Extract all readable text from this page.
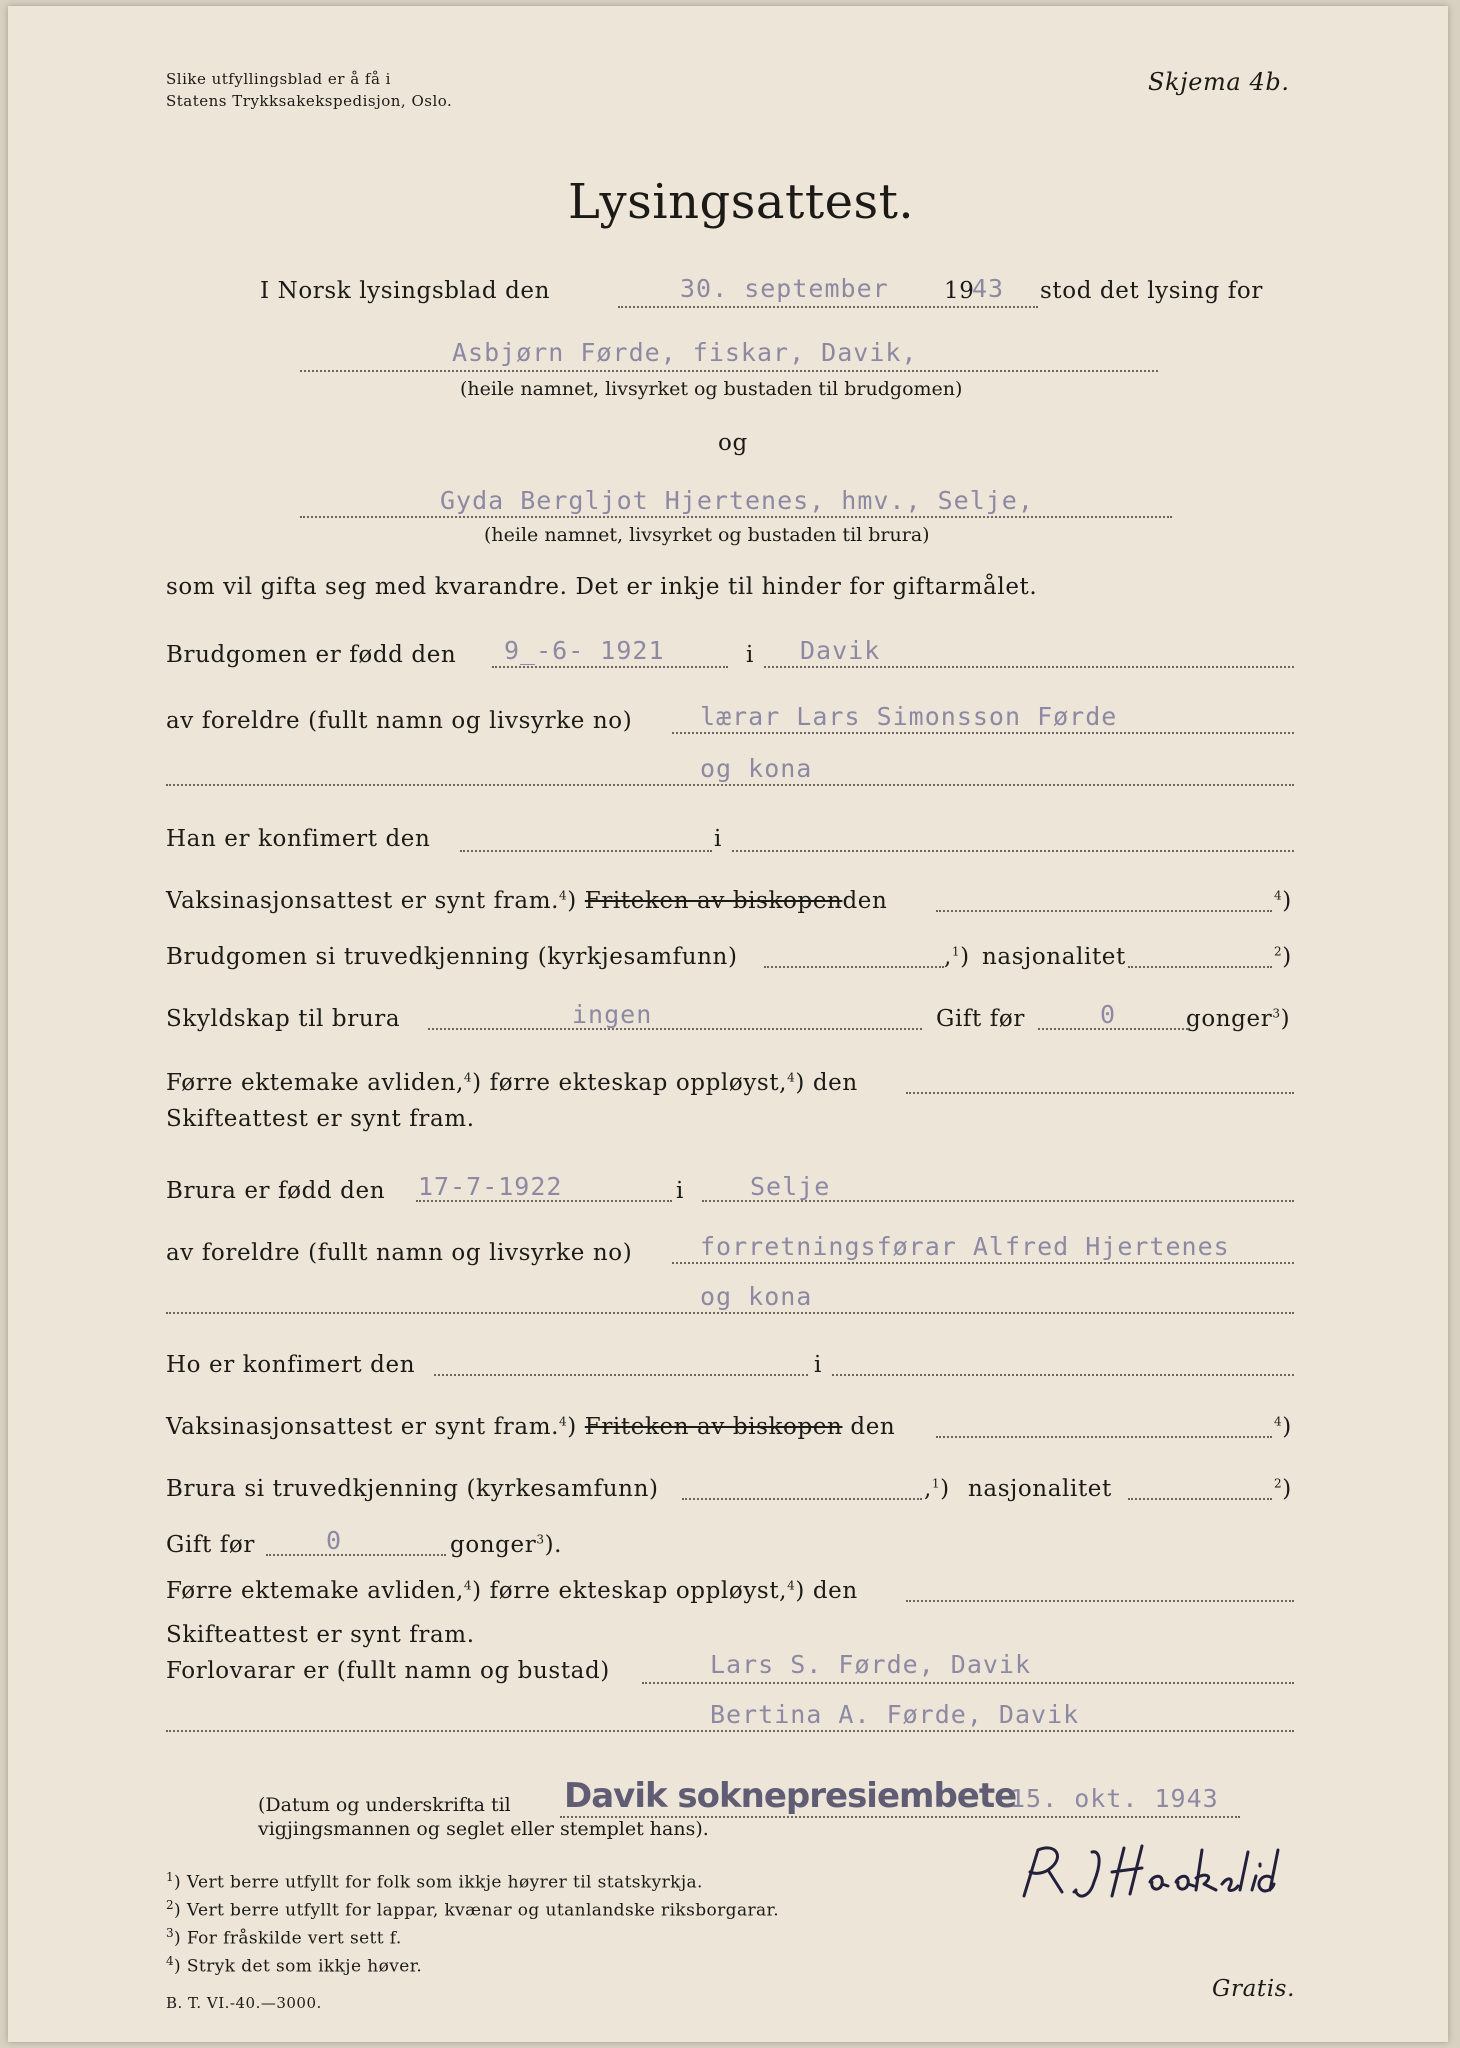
Slike utfyllingsblad er å få i
Statens Trykksakekspedisjon, Oslo.
Skjema 4b.
Lysingsattest.
I Norsk lysingsblad den	30. september 19
43 stod det lysing for
Asbjørn Førde, fiskar, Davik,
(heile namnet, livsyrket og bustaden til brudgomen)
og
Gyda Bergljot Hjertenes, hmv., Selje,
(heile namnet, livsyrket og bustaden til brura)
som vil gifta seg med kvarandre. Det er inkje til hinder for giftarmålet.
Brudgomen er fødd den 9_-6- 1921	i Davik
av foreldre (fullt namn og livsyrke no)	lærar Lars Simonsson Førde
og kona
Han er konfimert den	i
Vaksinasjonsattest er synt fram.$^4$) Friteken av biskopenden	$^4$)
Brudgomen si truvedkjenning (kyrkjesamfunn)	,$^1$) nasjonalitet	$^2$)
Skyldskap til brura	ingen	Gift før	0	gonger$^3$)
Førre ektemake avliden,$^4$) førre ekteskap oppløyst,$^4$) den
Skifteattest er synt fram.
Brura er fødd den 17-7-1922	i	Selje
av foreldre (fullt namn og livsyrke no)	forretningsførar Alfred Hjertenes
og kona
Ho er konfimert den	i
Vaksinasjonsattest er synt fram.$^4$) Friteken av biskopen den	$^4$)
Brura si truvedkjenning (kyrkesamfunn)	,$^1$) nasjonalitet	$^2$)
Gift før	0	gonger$^3$).
Førre ektemake avliden,$^4$) førre ekteskap oppløyst,$^4$) den
Skifteattest er synt fram.
Forlovarar er (fullt namn og bustad)	Lars S. Førde, Davik
Bertina A. Førde, Davik
(Datum og underskrifta til
vigjingsmannen og seglet eller stemplet hans).
Davik soknepresiembete
15. okt. 1943
$^1$) Vert berre utfyllt for folk som ikkje høyrer til statskyrkja.
$^2$) Vert berre utfyllt for lappar, kvænar og utanlandske riksborgarar.
$^3$) For fråskilde vert sett f.
$^4$) Stryk det som ikkje høver.
B. T. VI.-40.—3000.
Gratis.
